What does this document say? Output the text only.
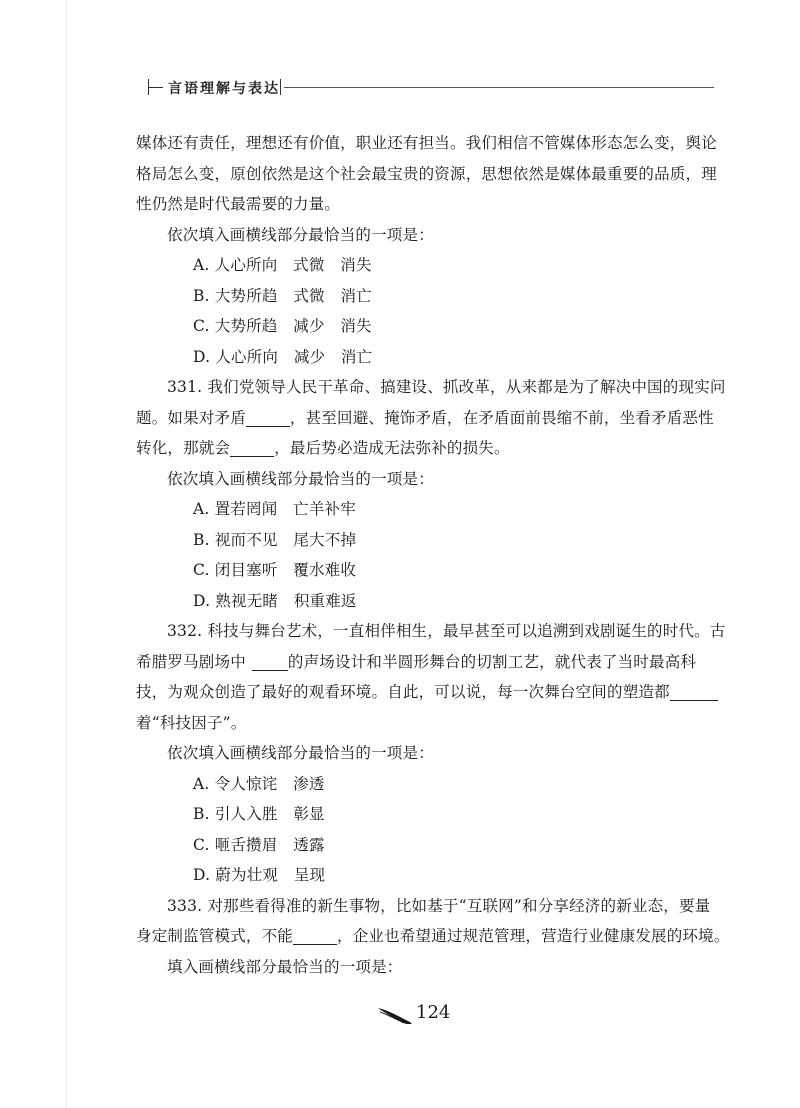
言语理解与表达
媒体还有责任，理想还有价值，职业还有担当。我们相信不管媒体形态怎么变，舆论
格局怎么变，原创依然是这个社会最宝贵的资源，思想依然是媒体最重要的品质，理
性仍然是时代最需要的力量。
依次填入画横线部分最恰当的一项是：
A. 人心所向　式微　消失
B. 大势所趋　式微　消亡
C. 大势所趋　减少　消失
D. 人心所向　减少　消亡
331. 我们党领导人民干革命、搞建设、抓改革，从来都是为了解决中国的现实问
题。如果对矛盾	，甚至回避、掩饰矛盾，在矛盾面前畏缩不前，坐看矛盾恶性
转化，那就会	，最后势必造成无法弥补的损失。
依次填入画横线部分最恰当的一项是：
A. 置若罔闻　亡羊补牢
B. 视而不见　尾大不掉
C. 闭目塞听　覆水难收
D. 熟视无睹　积重难返
332. 科技与舞台艺术，一直相伴相生，最早甚至可以追溯到戏剧诞生的时代。古
希腊罗马剧场中	的声场设计和半圆形舞台的切割工艺，就代表了当时最高科
技，为观众创造了最好的观看环境。自此，可以说，每一次舞台空间的塑造都
着“科技因子”。
依次填入画横线部分最恰当的一项是：
A. 令人惊诧　渗透
B. 引人入胜　彰显
C. 咂舌攒眉　透露
D. 蔚为壮观　呈现
333. 对那些看得准的新生事物，比如基于“互联网”和分享经济的新业态，要量
身定制监管模式，不能	，企业也希望通过规范管理，营造行业健康发展的环境。
填入画横线部分最恰当的一项是：
124
